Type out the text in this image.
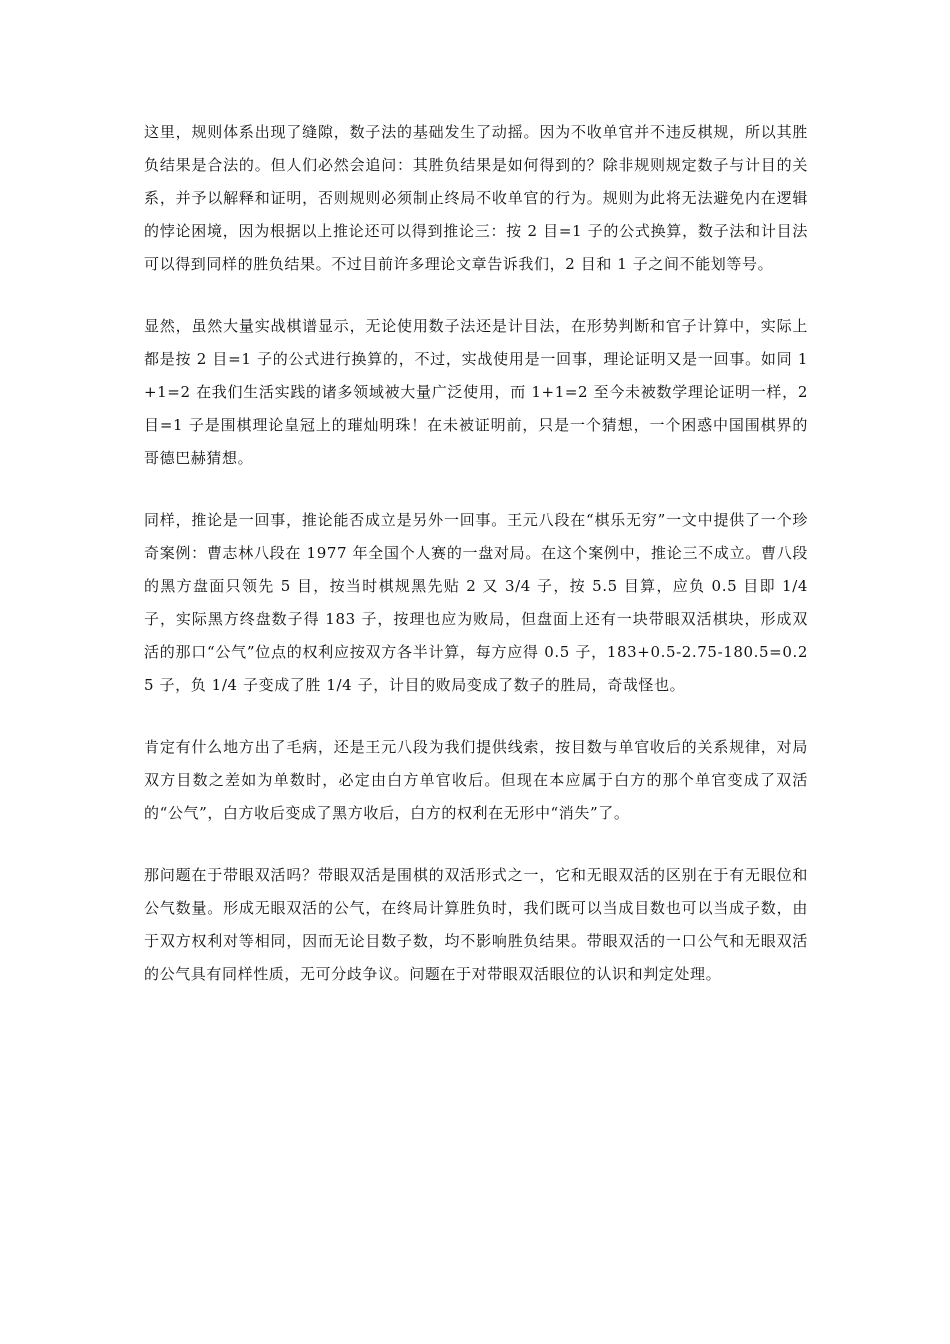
这里，规则体系出现了缝隙，数子法的基础发生了动摇。因为不收单官并不违反棋规，所以其胜负结果是合法的。但人们必然会追问：其胜负结果是如何得到的？除非规则规定数子与计目的关系，并予以解释和证明，否则规则必须制止终局不收单官的行为。规则为此将无法避免内在逻辑的悖论困境，因为根据以上推论还可以得到推论三：按 2 目=1 子的公式换算，数子法和计目法可以得到同样的胜负结果。不过目前许多理论文章告诉我们，2 目和 1 子之间不能划等号。

显然，虽然大量实战棋谱显示，无论使用数子法还是计目法，在形势判断和官子计算中，实际上都是按 2 目=1 子的公式进行换算的，不过，实战使用是一回事，理论证明又是一回事。如同 1+1=2 在我们生活实践的诸多领域被大量广泛使用，而 1+1=2 至今未被数学理论证明一样，2 目=1 子是围棋理论皇冠上的璀灿明珠！在未被证明前，只是一个猜想，一个困惑中国围棋界的哥德巴赫猜想。

同样，推论是一回事，推论能否成立是另外一回事。王元八段在“棋乐无穷”一文中提供了一个珍奇案例：曹志林八段在 1977 年全国个人赛的一盘对局。在这个案例中，推论三不成立。曹八段的黑方盘面只领先 5 目，按当时棋规黑先贴 2 又 3/4 子，按 5.5 目算，应负 0.5 目即 1/4 子，实际黑方终盘数子得 183 子，按理也应为败局，但盘面上还有一块带眼双活棋块，形成双活的那口“公气”位点的权利应按双方各半计算，每方应得 0.5 子，183+0.5-2.75-180.5=0.25 子，负 1/4 子变成了胜 1/4 子，计目的败局变成了数子的胜局，奇哉怪也。

肯定有什么地方出了毛病，还是王元八段为我们提供线索，按目数与单官收后的关系规律，对局双方目数之差如为单数时，必定由白方单官收后。但现在本应属于白方的那个单官变成了双活的“公气”，白方收后变成了黑方收后，白方的权利在无形中“消失”了。

那问题在于带眼双活吗？带眼双活是围棋的双活形式之一，它和无眼双活的区别在于有无眼位和公气数量。形成无眼双活的公气，在终局计算胜负时，我们既可以当成目数也可以当成子数，由于双方权利对等相同，因而无论目数子数，均不影响胜负结果。带眼双活的一口公气和无眼双活的公气具有同样性质，无可分歧争议。问题在于对带眼双活眼位的认识和判定处理。
